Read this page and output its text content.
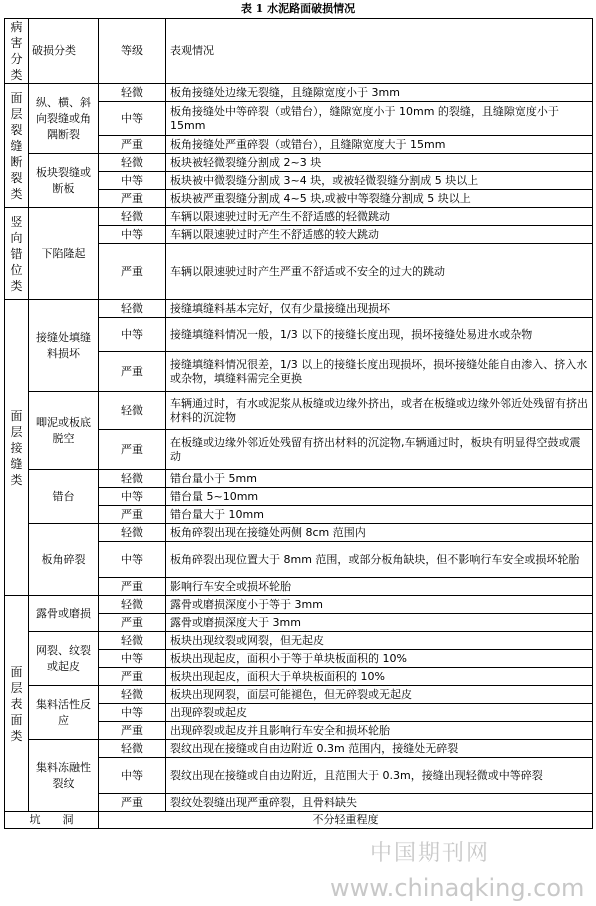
表 1 水泥路面破损情况
病害分类	破损分类	等级	表观情况

面层裂缝断裂类	纵、横、斜向裂缝或角隅断裂	轻微	板角接缝处边缘无裂缝，且缝隙宽度小于 3mm
		中等	板角接缝处中等碎裂（或错台），缝隙宽度小于 10mm 的裂缝，且缝隙宽度小于 15mm
		严重	板角接缝处严重碎裂（或错台），且缝隙宽度大于 15mm
	板块裂缝或断板	轻微	板块被轻微裂缝分割成 2~3 块
		中等	板块被中微裂缝分割成 3~4 块，或被轻微裂缝分割成 5 块以上
		严重	板块被严重裂缝分割成 4~5 块,或被中等裂缝分割成 5 块以上

竖向错位类	下陷隆起	轻微	车辆以限速驶过时无产生不舒适感的轻微跳动
		中等	车辆以限速驶过时产生不舒适感的较大跳动
		严重	车辆以限速驶过时产生严重不舒适或不安全的过大的跳动

面层接缝类	接缝处填缝料损坏	轻微	接缝填缝料基本完好，仅有少量接缝出现损坏
		中等	接缝填缝料情况一般，1/3 以下的接缝长度出现，损坏接缝处易进水或杂物
		严重	接缝填缝料情况很差，1/3 以上的接缝长度出现损坏，损坏接缝处能自由渗入、挤入水或杂物，填缝料需完全更换
	唧泥或板底脱空	轻微	车辆通过时，有水或泥浆从板缝或边缘外挤出，或者在板缝或边缘外邻近处残留有挤出材料的沉淀物
		严重	在板缝或边缘外邻近处残留有挤出材料的沉淀物,车辆通过时，板块有明显得空鼓或震动
	错台	轻微	错台量小于 5mm
		中等	错台量 5~10mm
		严重	错台量大于 10mm
	板角碎裂	轻微	板角碎裂出现在接缝处两侧 8cm 范围内
		中等	板角碎裂出现位置大于 8mm 范围，或部分板角缺块，但不影响行车安全或损坏轮胎
		严重	影响行车安全或损坏轮胎

面层表面类	露骨或磨损	轻微	露骨或磨损深度小于等于 3mm
		严重	露骨或磨损深度大于 3mm
	网裂、纹裂或起皮	轻微	板块出现纹裂或网裂，但无起皮
		中等	板块出现起皮，面积小于等于单块板面积的 10%
		严重	板块出现起皮，面积大于单块板面积的 10%
	集料活性反应	轻微	板块出现网裂，面层可能褪色，但无碎裂或无起皮
		中等	出现碎裂或起皮
		严重	出现碎裂或起皮并且影响行车安全和损坏轮胎
	集料冻融性裂纹	轻微	裂纹出现在接缝或自由边附近 0.3m 范围内，接缝处无碎裂
		中等	裂纹出现在接缝或自由边附近，且范围大于 0.3m，接缝出现轻微或中等碎裂
		严重	裂纹处裂缝出现严重碎裂，且骨料缺失
坑　　洞		不分轻重程度	
中国期刊网
www.chinaqking.com
